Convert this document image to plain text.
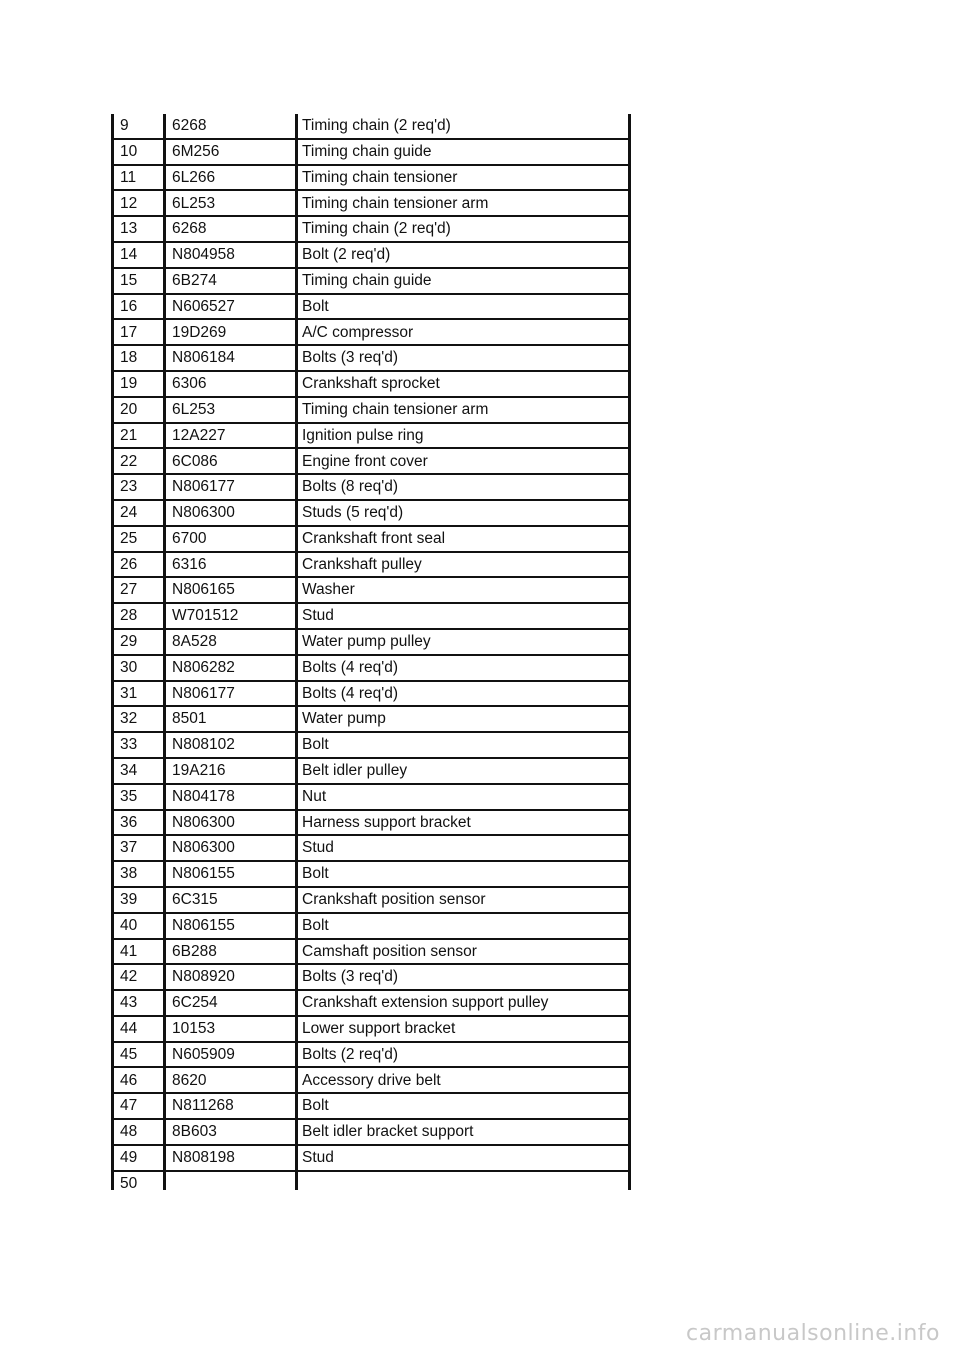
9	6268	Timing chain (2 req'd)
10	6M256	Timing chain guide
11	6L266	Timing chain tensioner
12	6L253	Timing chain tensioner arm
13	6268	Timing chain (2 req'd)
14	N804958	Bolt (2 req'd)
15	6B274	Timing chain guide
16	N606527	Bolt
17	19D269	A/C compressor
18	N806184	Bolts (3 req'd)
19	6306	Crankshaft sprocket
20	6L253	Timing chain tensioner arm
21	12A227	Ignition pulse ring
22	6C086	Engine front cover
23	N806177	Bolts (8 req'd)
24	N806300	Studs (5 req'd)
25	6700	Crankshaft front seal
26	6316	Crankshaft pulley
27	N806165	Washer
28	W701512	Stud
29	8A528	Water pump pulley
30	N806282	Bolts (4 req'd)
31	N806177	Bolts (4 req'd)
32	8501	Water pump
33	N808102	Bolt
34	19A216	Belt idler pulley
35	N804178	Nut
36	N806300	Harness support bracket
37	N806300	Stud
38	N806155	Bolt
39	6C315	Crankshaft position sensor
40	N806155	Bolt
41	6B288	Camshaft position sensor
42	N808920	Bolts (3 req'd)
43	6C254	Crankshaft extension support pulley
44	10153	Lower support bracket
45	N605909	Bolts (2 req'd)
46	8620	Accessory drive belt
47	N811268	Bolt
48	8B603	Belt idler bracket support
49	N808198	Stud
50
carmanualsonline.info
